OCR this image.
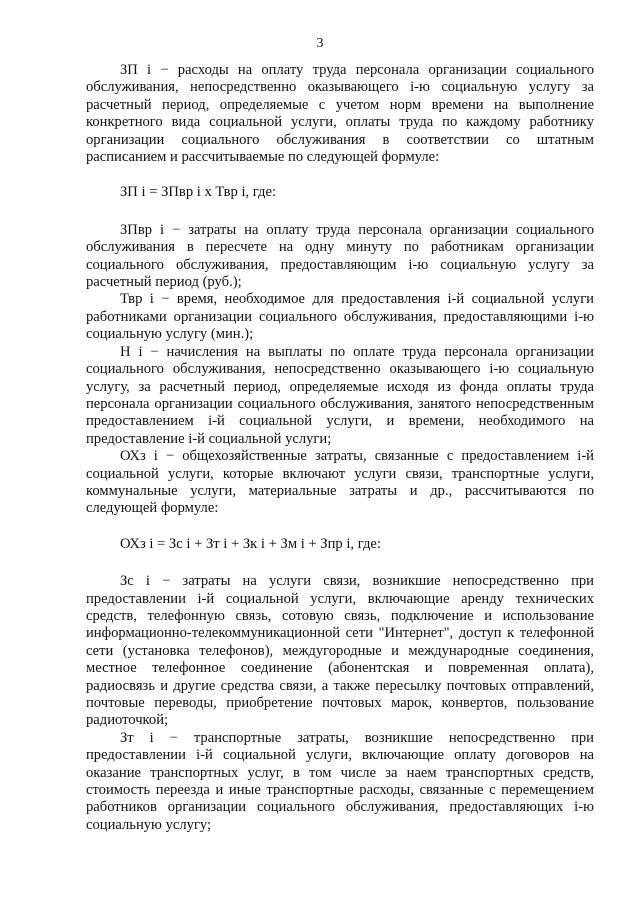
3

ЗП i − расходы на оплату труда персонала организации социального обслуживания, непосредственно оказывающего i-ю социальную услугу за расчетный период, определяемые с учетом норм времени на выполнение конкретного вида социальной услуги, оплаты труда по каждому работнику организации социального обслуживания в соответствии со штатным расписанием и рассчитываемые по следующей формуле:

ЗП i = ЗПвр i х Твр i, где:

ЗПвр i − затраты на оплату труда персонала организации социального обслуживания в пересчете на одну минуту по работникам организации социального обслуживания, предоставляющим i-ю социальную услугу за расчетный период (руб.);

Твр i − время, необходимое для предоставления i-й социальной услуги работниками организации социального обслуживания, предоставляющими i-ю социальную услугу (мин.);

Н i − начисления на выплаты по оплате труда персонала организации социального обслуживания, непосредственно оказывающего i-ю социальную услугу, за расчетный период, определяемые исходя из фонда оплаты труда персонала организации социального обслуживания, занятого непосредственным предоставлением i-й социальной услуги, и времени, необходимого на предоставление i-й социальной услуги;

ОХз i − общехозяйственные затраты, связанные с предоставлением i-й социальной услуги, которые включают услуги связи, транспортные услуги, коммунальные услуги, материальные затраты и др., рассчитываются по следующей формуле:

ОХз i = Зс i + Зт i + Зк i + Зм i + Зпр i, где:

Зс i − затраты на услуги связи, возникшие непосредственно при предоставлении i-й социальной услуги, включающие аренду технических средств, телефонную связь, сотовую связь, подключение и использование информационно-телекоммуникационной сети "Интернет", доступ к телефонной сети (установка телефонов), междугородные и международные соединения, местное телефонное соединение (абонентская и повременная оплата), радиосвязь и другие средства связи, а также пересылку почтовых отправлений, почтовые переводы, приобретение почтовых марок, конвертов, пользование радиоточкой;

Зт i − транспортные затраты, возникшие непосредственно при предоставлении i-й социальной услуги, включающие оплату договоров на оказание транспортных услуг, в том числе за наем транспортных средств, стоимость переезда и иные транспортные расходы, связанные с перемещением работников организации социального обслуживания, предоставляющих i-ю социальную услугу;
